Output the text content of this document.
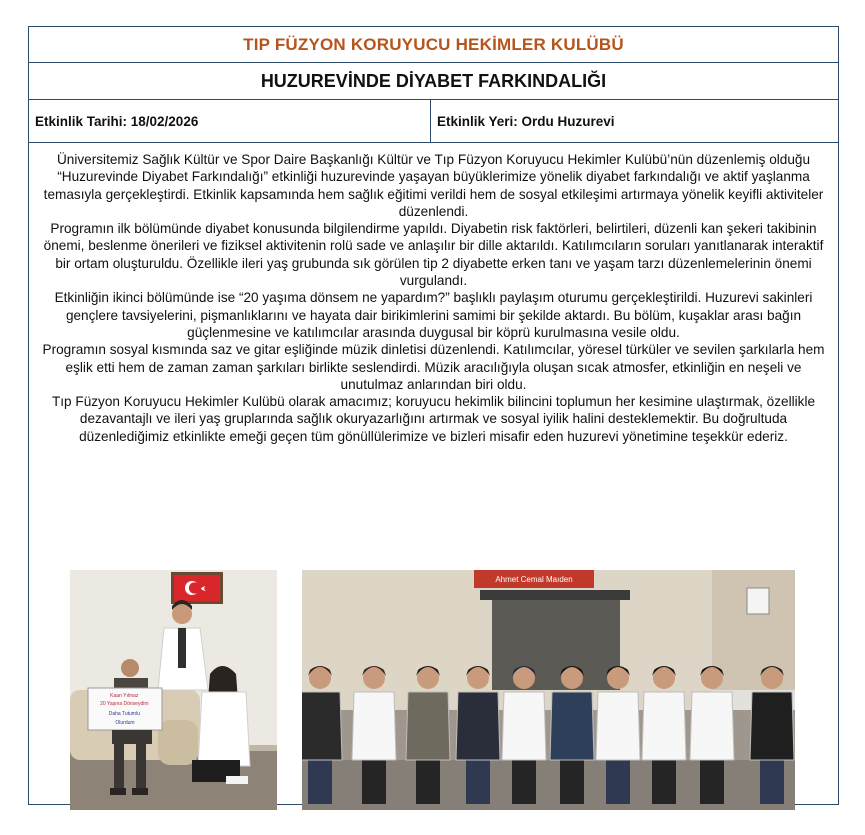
TIP FÜZYON KORUYUCU HEKİMLER KULÜBÜ
HUZUREVİNDE DİYABET FARKINDALIĞI
Etkinlik Tarihi: 18/02/2026	Etkinlik Yeri: Ordu Huzurevi

Üniversitemiz Sağlık Kültür ve Spor Daire Başkanlığı Kültür ve Tıp Füzyon Koruyucu Hekimler Kulübü’nün düzenlemiş olduğu “Huzurevinde Diyabet Farkındalığı” etkinliği huzurevinde yaşayan büyüklerimize yönelik diyabet farkındalığı ve aktif yaşlanma temasıyla gerçekleştirdi. Etkinlik kapsamında hem sağlık eğitimi verildi hem de sosyal etkileşimi artırmaya yönelik keyifli aktiviteler düzenlendi.

Programın ilk bölümünde diyabet konusunda bilgilendirme yapıldı. Diyabetin risk faktörleri, belirtileri, düzenli kan şekeri takibinin önemi, beslenme önerileri ve fiziksel aktivitenin rolü sade ve anlaşılır bir dille aktarıldı. Katılımcıların soruları yanıtlanarak interaktif bir ortam oluşturuldu. Özellikle ileri yaş grubunda sık görülen tip 2 diyabette erken tanı ve yaşam tarzı düzenlemelerinin önemi vurgulandı.

Etkinliğin ikinci bölümünde ise “20 yaşıma dönsem ne yapardım?” başlıklı paylaşım oturumu gerçekleştirildi. Huzurevi sakinleri gençlere tavsiyelerini, pişmanlıklarını ve hayata dair birikimlerini samimi bir şekilde aktardı. Bu bölüm, kuşaklar arası bağın güçlenmesine ve katılımcılar arasında duygusal bir köprü kurulmasına vesile oldu.

Programın sosyal kısmında saz ve gitar eşliğinde müzik dinletisi düzenlendi. Katılımcılar, yöresel türküler ve sevilen şarkılarla hem eşlik etti hem de zaman zaman şarkıları birlikte seslendirdi. Müzik aracılığıyla oluşan sıcak atmosfer, etkinliğin en neşeli ve unutulmaz anlarından biri oldu.

Tıp Füzyon Koruyucu Hekimler Kulübü olarak amacımız; koruyucu hekimlik bilincini toplumun her kesimine ulaştırmak, özellikle dezavantajlı ve ileri yaş gruplarında sağlık okuryazarlığını artırmak ve sosyal iyilik halini desteklemektir. Bu doğrultuda düzenlediğimiz etkinlikte emeği geçen tüm gönüllülerimize ve bizleri misafir eden huzurevi yönetimine teşekkür ederiz.

Kaan Yılmaz 20 Yaşına Dönseydim Daha Tutumlu Olurdum
Ahmet Cemal Maıden
